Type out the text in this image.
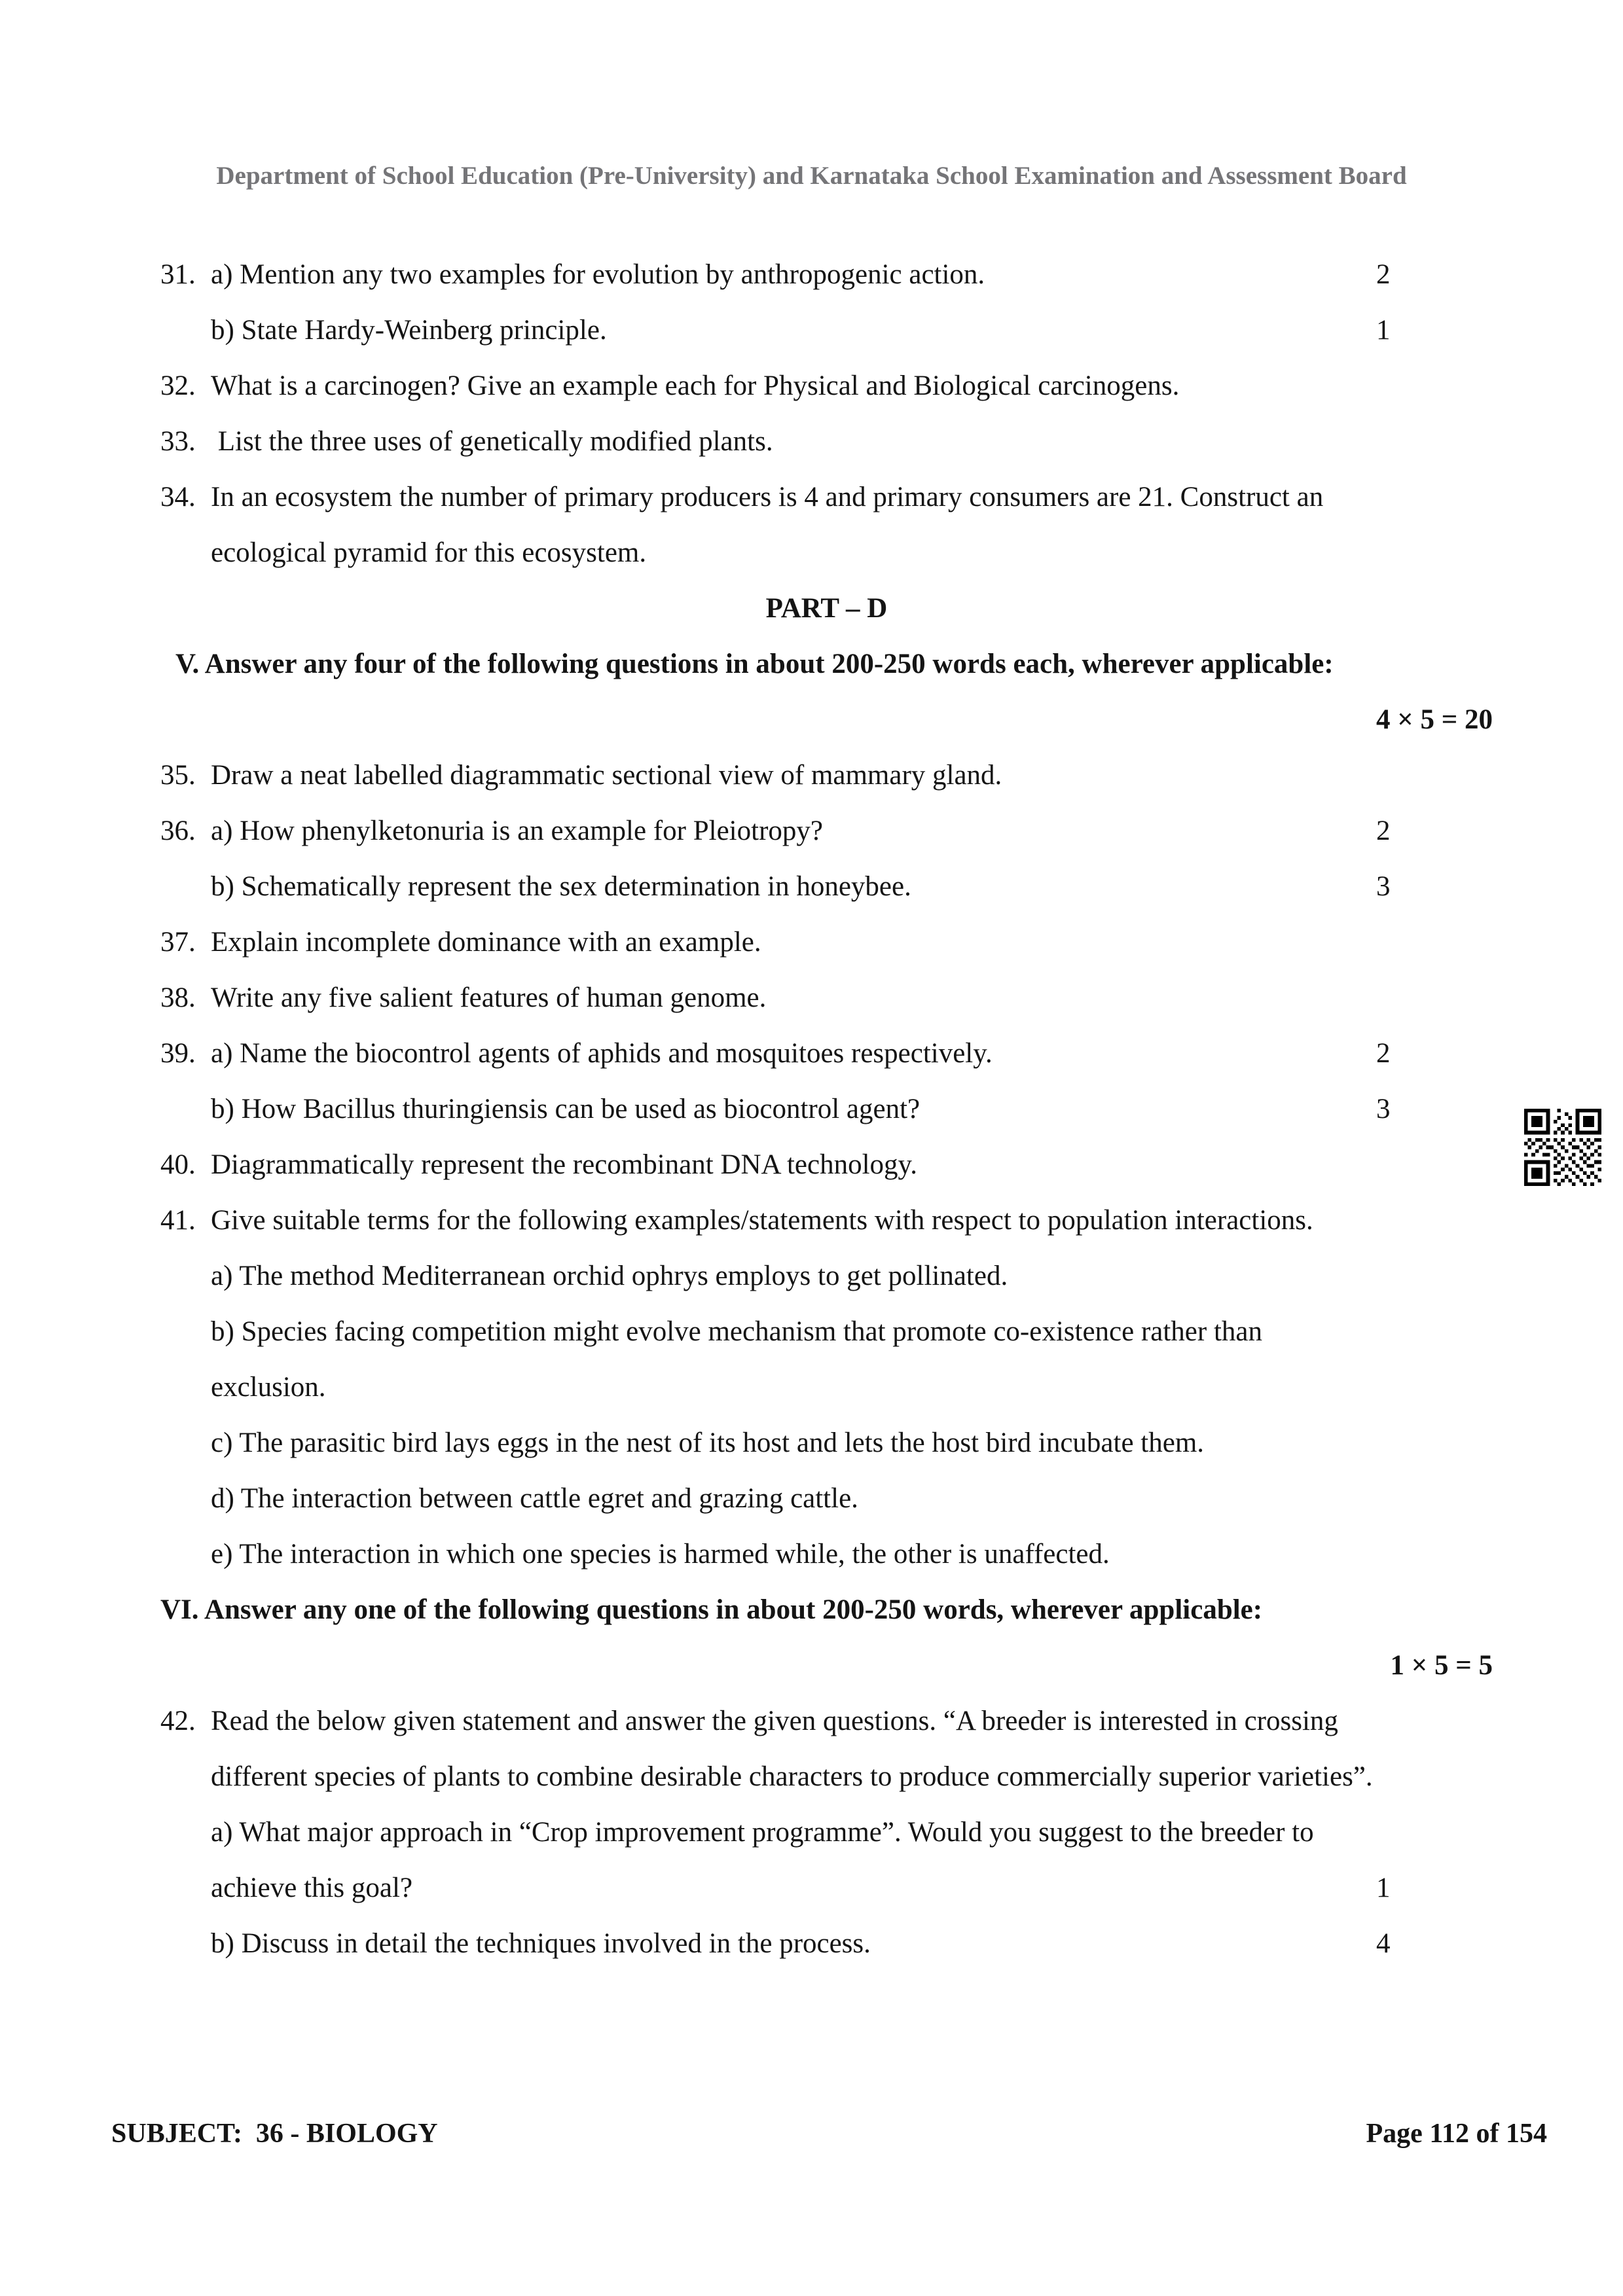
Department of School Education (Pre-University) and Karnataka School Examination and Assessment Board
31. a) Mention any two examples for evolution by anthropogenic action.	2
b) State Hardy-Weinberg principle.	1
32. What is a carcinogen? Give an example each for Physical and Biological carcinogens.
33. List the three uses of genetically modified plants.
34. In an ecosystem the number of primary producers is 4 and primary consumers are 21. Construct an
ecological pyramid for this ecosystem.
PART – D
V. Answer any four of the following questions in about 200-250 words each, wherever applicable:
4 × 5 = 20
35. Draw a neat labelled diagrammatic sectional view of mammary gland.
36. a) How phenylketonuria is an example for Pleiotropy?	2
b) Schematically represent the sex determination in honeybee.	3
37. Explain incomplete dominance with an example.
38. Write any five salient features of human genome.
39. a) Name the biocontrol agents of aphids and mosquitoes respectively.	2
b) How Bacillus thuringiensis can be used as biocontrol agent?	3
40. Diagrammatically represent the recombinant DNA technology.
41. Give suitable terms for the following examples/statements with respect to population interactions.
a) The method Mediterranean orchid ophrys employs to get pollinated.
b) Species facing competition might evolve mechanism that promote co-existence rather than
exclusion.
c) The parasitic bird lays eggs in the nest of its host and lets the host bird incubate them.
d) The interaction between cattle egret and grazing cattle.
e) The interaction in which one species is harmed while, the other is unaffected.
VI. Answer any one of the following questions in about 200-250 words, wherever applicable:
1 × 5 = 5
42. Read the below given statement and answer the given questions. “A breeder is interested in crossing
different species of plants to combine desirable characters to produce commercially superior varieties”.
a) What major approach in “Crop improvement programme”. Would you suggest to the breeder to
achieve this goal?	1
b) Discuss in detail the techniques involved in the process.	4
SUBJECT:  36 - BIOLOGY	Page 112 of 154
